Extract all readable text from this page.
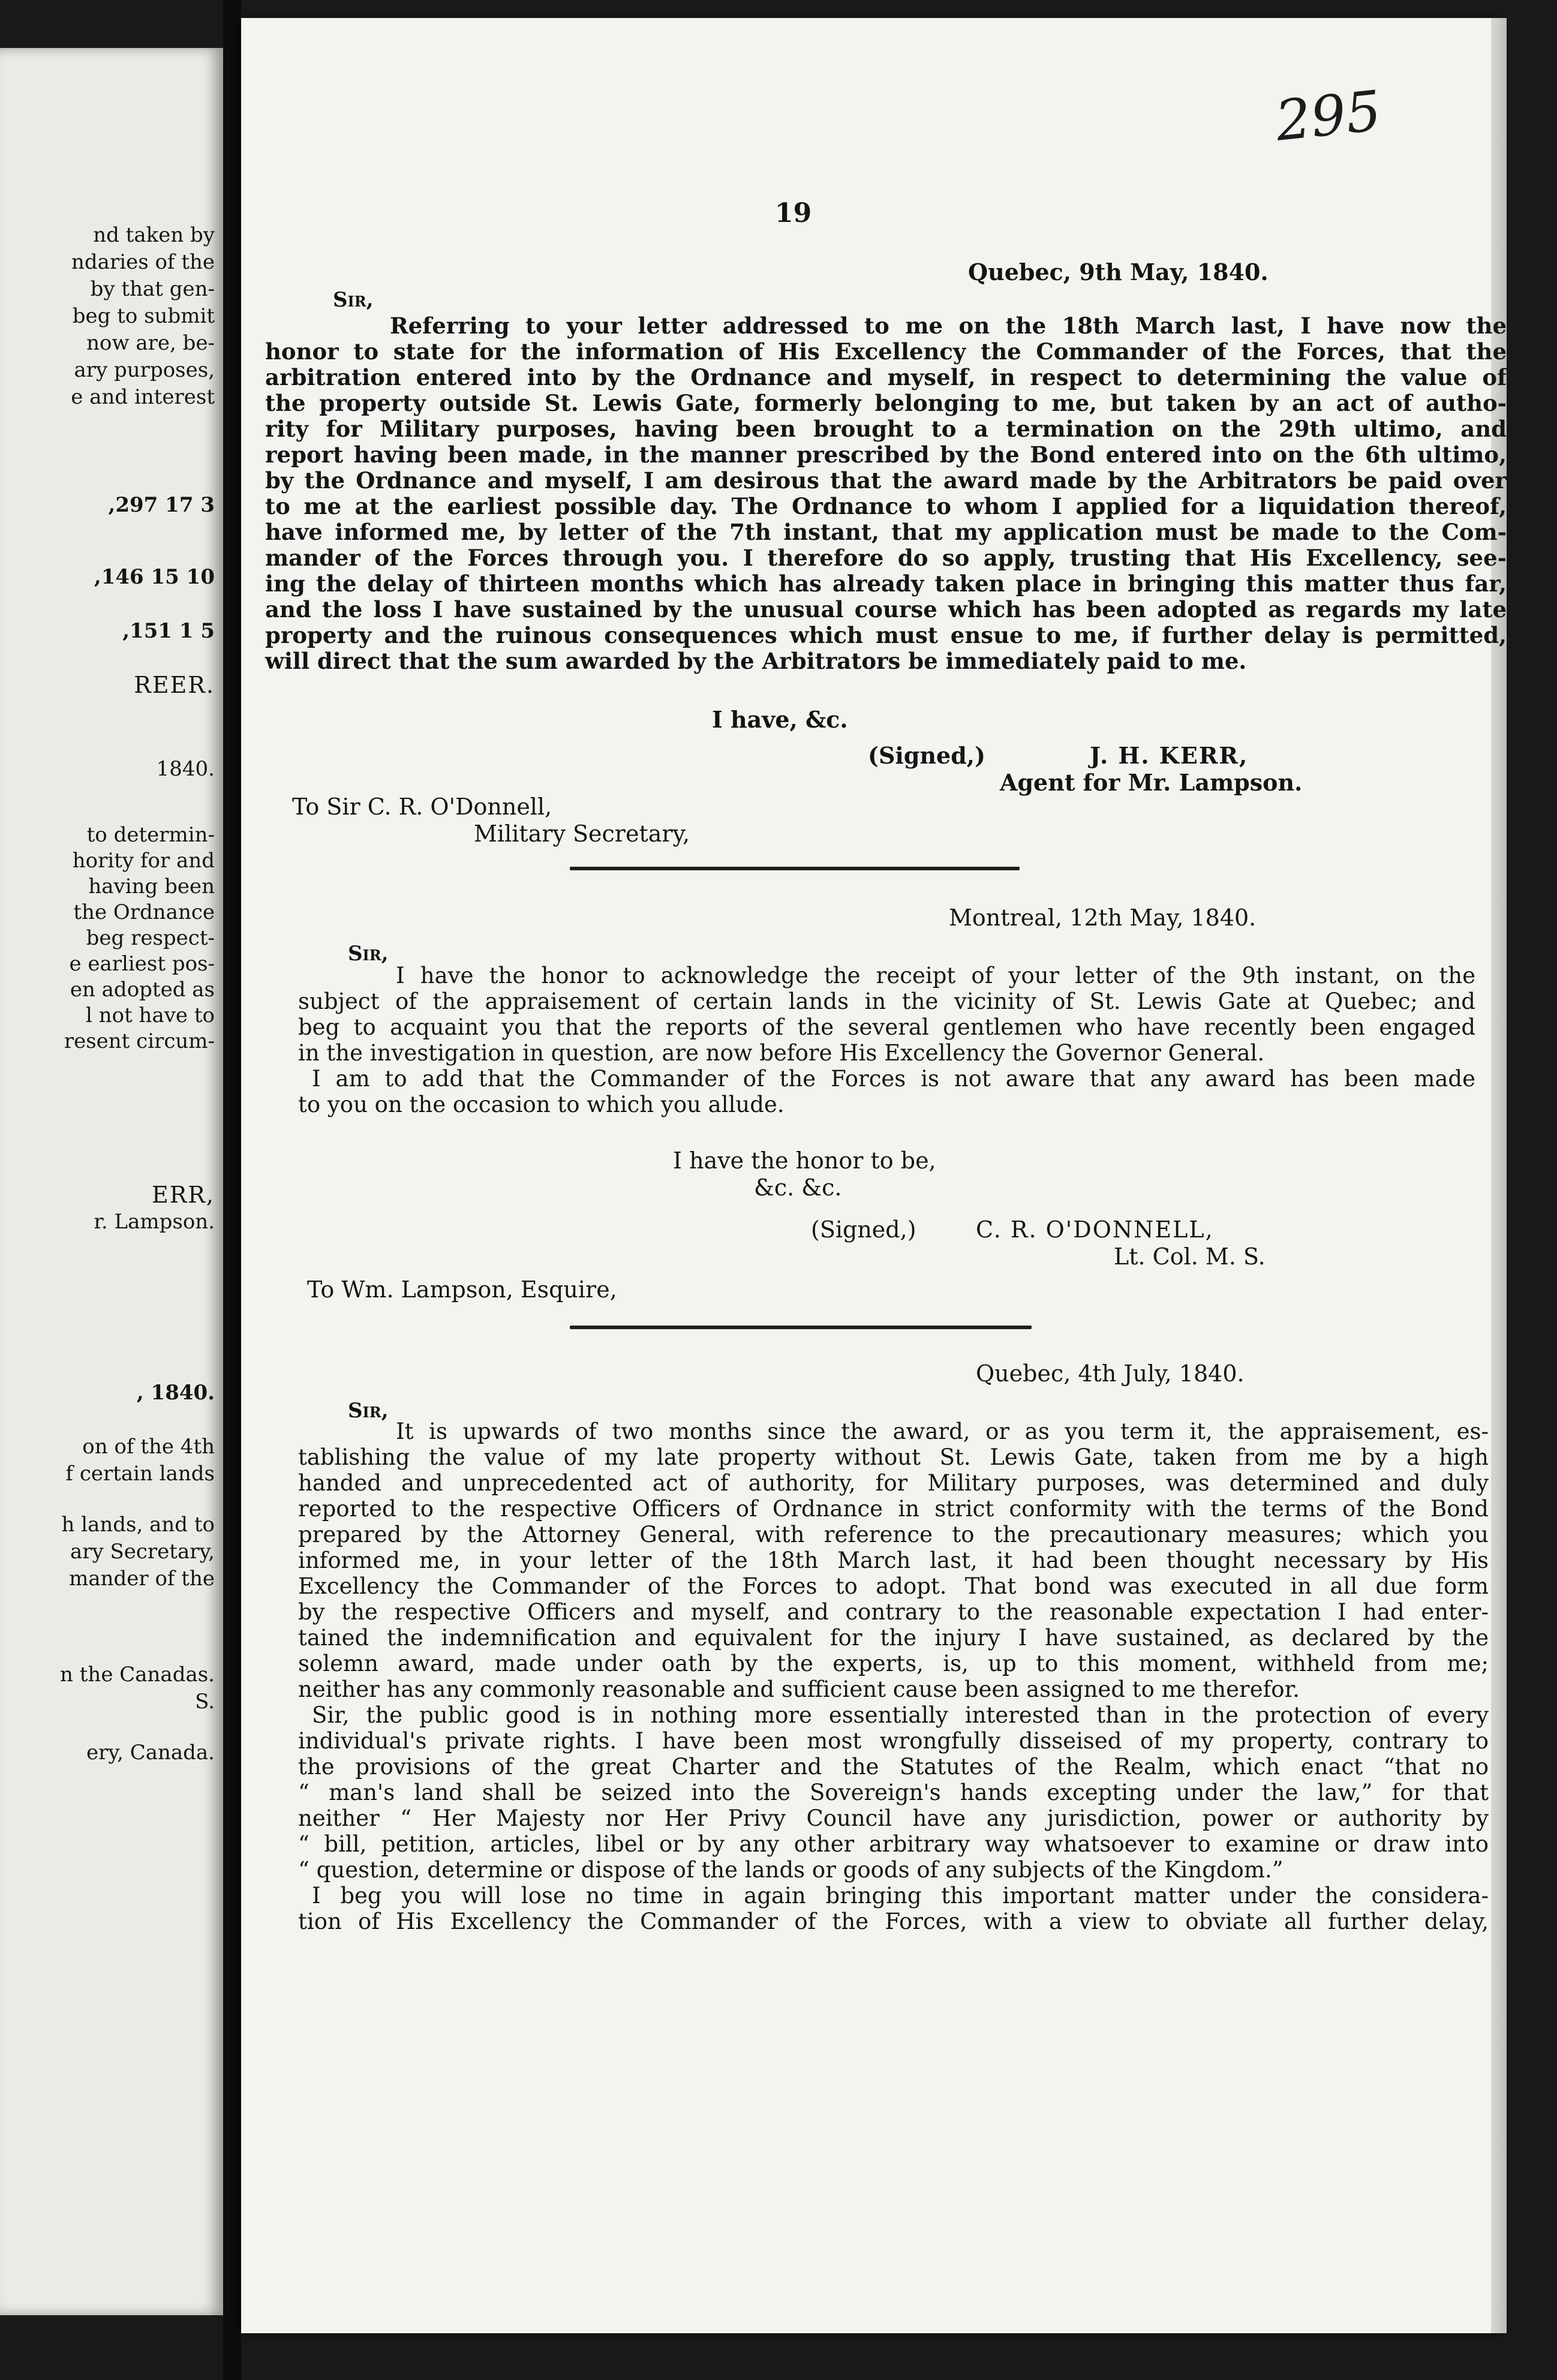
nd taken by
ndaries of the
by that gen-
beg to submit
now are, be-
ary purposes,
e and interest
,297 17 3
,146 15 10
,151 1 5
REER.
1840.
to determin-
hority for and
having been
the Ordnance
beg respect-
e earliest pos-
en adopted as
l not have to
resent circum-
ERR,
r. Lampson.
, 1840.
on of the 4th
f certain lands
h lands, and to
ary Secretary,
mander of the
n the Canadas.
S.
ery, Canada.
295
19
Quebec, 9th May, 1840.
Sir,
Referring to your letter addressed to me on the 18th March last, I have now the
honor to state for the information of His Excellency the Commander of the Forces, that the
arbitration entered into by the Ordnance and myself, in respect to determining the value of
the property outside St. Lewis Gate, formerly belonging to me, but taken by an act of autho-
rity for Military purposes, having been brought to a termination on the 29th ultimo, and
report having been made, in the manner prescribed by the Bond entered into on the 6th ultimo,
by the Ordnance and myself, I am desirous that the award made by the Arbitrators be paid over
to me at the earliest possible day. The Ordnance to whom I applied for a liquidation thereof,
have informed me, by letter of the 7th instant, that my application must be made to the Com-
mander of the Forces through you. I therefore do so apply, trusting that His Excellency, see-
ing the delay of thirteen months which has already taken place in bringing this matter thus far,
and the loss I have sustained by the unusual course which has been adopted as regards my late
property and the ruinous consequences which must ensue to me, if further delay is permitted,
will direct that the sum awarded by the Arbitrators be immediately paid to me.
I have, &c.
(Signed,)	J. H. KERR,
Agent for Mr. Lampson.
To Sir C. R. O'Donnell,
Military Secretary,
Montreal, 12th May, 1840.
Sir,
I have the honor to acknowledge the receipt of your letter of the 9th instant, on the
subject of the appraisement of certain lands in the vicinity of St. Lewis Gate at Quebec; and
beg to acquaint you that the reports of the several gentlemen who have recently been engaged
in the investigation in question, are now before His Excellency the Governor General.
I am to add that the Commander of the Forces is not aware that any award has been made
to you on the occasion to which you allude.
I have the honor to be,
&c. &c.
(Signed,)	C. R. O'DONNELL,
Lt. Col. M. S.
To Wm. Lampson, Esquire,
Quebec, 4th July, 1840.
Sir,
It is upwards of two months since the award, or as you term it, the appraisement, es-
tablishing the value of my late property without St. Lewis Gate, taken from me by a high
handed and unprecedented act of authority, for Military purposes, was determined and duly
reported to the respective Officers of Ordnance in strict conformity with the terms of the Bond
prepared by the Attorney General, with reference to the precautionary measures; which you
informed me, in your letter of the 18th March last, it had been thought necessary by His
Excellency the Commander of the Forces to adopt. That bond was executed in all due form
by the respective Officers and myself, and contrary to the reasonable expectation I had enter-
tained the indemnification and equivalent for the injury I have sustained, as declared by the
solemn award, made under oath by the experts, is, up to this moment, withheld from me;
neither has any commonly reasonable and sufficient cause been assigned to me therefor.
Sir, the public good is in nothing more essentially interested than in the protection of every
individual's private rights. I have been most wrongfully disseised of my property, contrary to
the provisions of the great Charter and the Statutes of the Realm, which enact “that no
“ man's land shall be seized into the Sovereign's hands excepting under the law,” for that
neither “ Her Majesty nor Her Privy Council have any jurisdiction, power or authority by
“ bill, petition, articles, libel or by any other arbitrary way whatsoever to examine or draw into
“ question, determine or dispose of the lands or goods of any subjects of the Kingdom.”
I beg you will lose no time in again bringing this important matter under the considera-
tion of His Excellency the Commander of the Forces, with a view to obviate all further delay,
